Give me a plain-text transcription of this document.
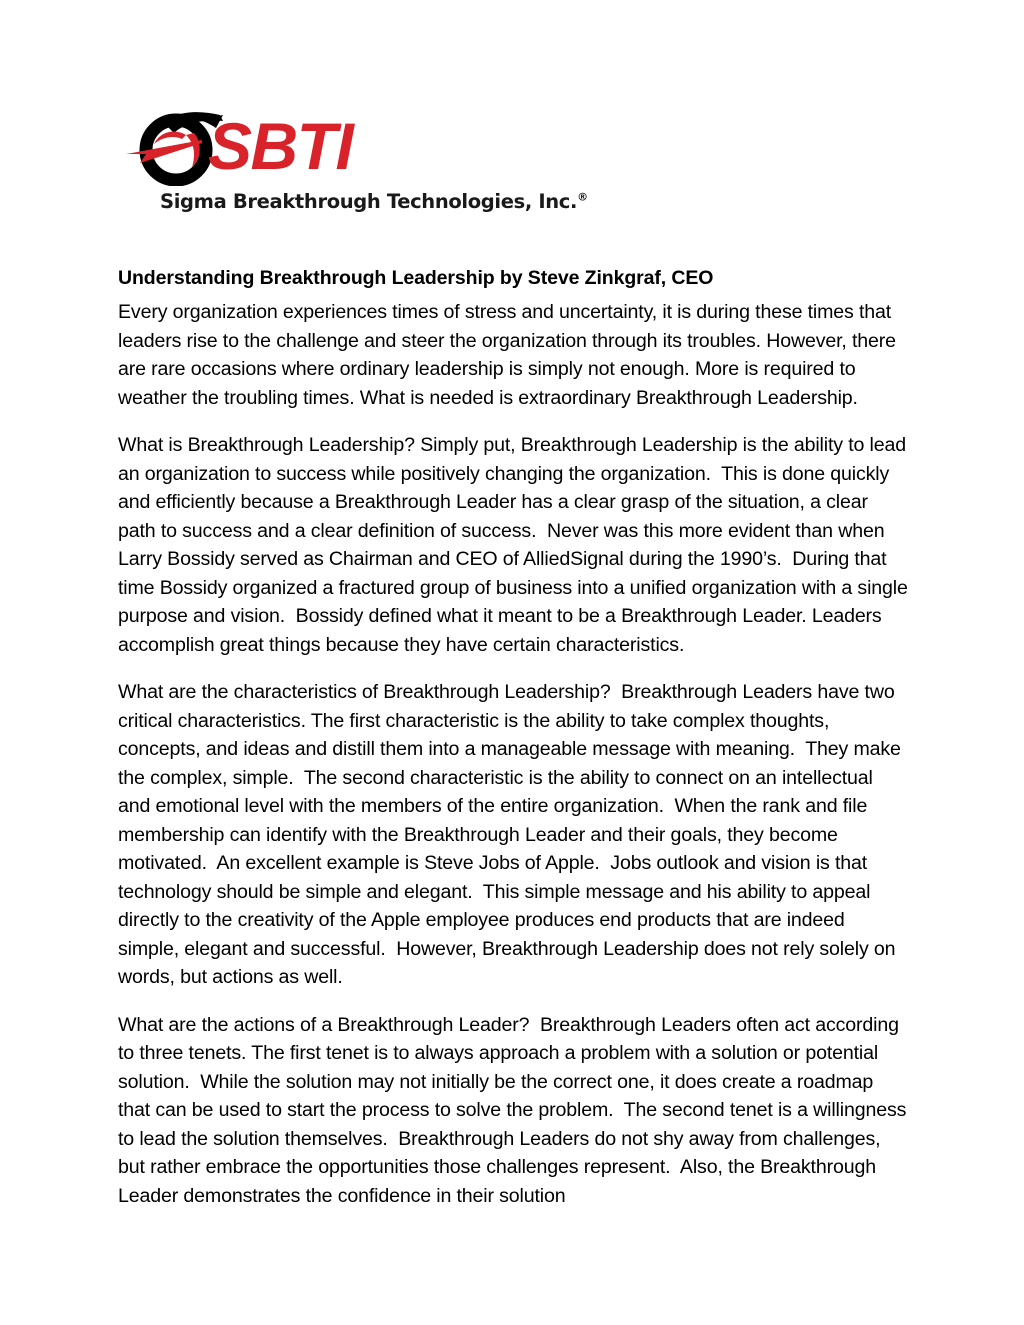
SBTI
Sigma Breakthrough Technologies, Inc.®
Understanding Breakthrough Leadership by Steve Zinkgraf, CEO

Every organization experiences times of stress and uncertainty, it is during these times that leaders rise to the challenge and steer the organization through its troubles. However, there are rare occasions where ordinary leadership is simply not enough. More is required to weather the troubling times. What is needed is extraordinary Breakthrough Leadership.

What is Breakthrough Leadership? Simply put, Breakthrough Leadership is the ability to lead an organization to success while positively changing the organization.  This is done quickly and efficiently because a Breakthrough Leader has a clear grasp of the situation, a clear path to success and a clear definition of success.  Never was this more evident than when Larry Bossidy served as Chairman and CEO of AlliedSignal during the 1990’s.  During that time Bossidy organized a fractured group of business into a unified organization with a single purpose and vision.  Bossidy defined what it meant to be a Breakthrough Leader. Leaders accomplish great things because they have certain characteristics.

What are the characteristics of Breakthrough Leadership?  Breakthrough Leaders have two critical characteristics. The first characteristic is the ability to take complex thoughts, concepts, and ideas and distill them into a manageable message with meaning.  They make the complex, simple.  The second characteristic is the ability to connect on an intellectual and emotional level with the members of the entire organization.  When the rank and file membership can identify with the Breakthrough Leader and their goals, they become motivated.  An excellent example is Steve Jobs of Apple.  Jobs outlook and vision is that technology should be simple and elegant.  This simple message and his ability to appeal directly to the creativity of the Apple employee produces end products that are indeed simple, elegant and successful.  However, Breakthrough Leadership does not rely solely on words, but actions as well.

What are the actions of a Breakthrough Leader?  Breakthrough Leaders often act according to three tenets. The first tenet is to always approach a problem with a solution or potential solution.  While the solution may not initially be the correct one, it does create a roadmap that can be used to start the process to solve the problem.  The second tenet is a willingness to lead the solution themselves.  Breakthrough Leaders do not shy away from challenges, but rather embrace the opportunities those challenges represent.  Also, the Breakthrough Leader demonstrates the confidence in their solution
